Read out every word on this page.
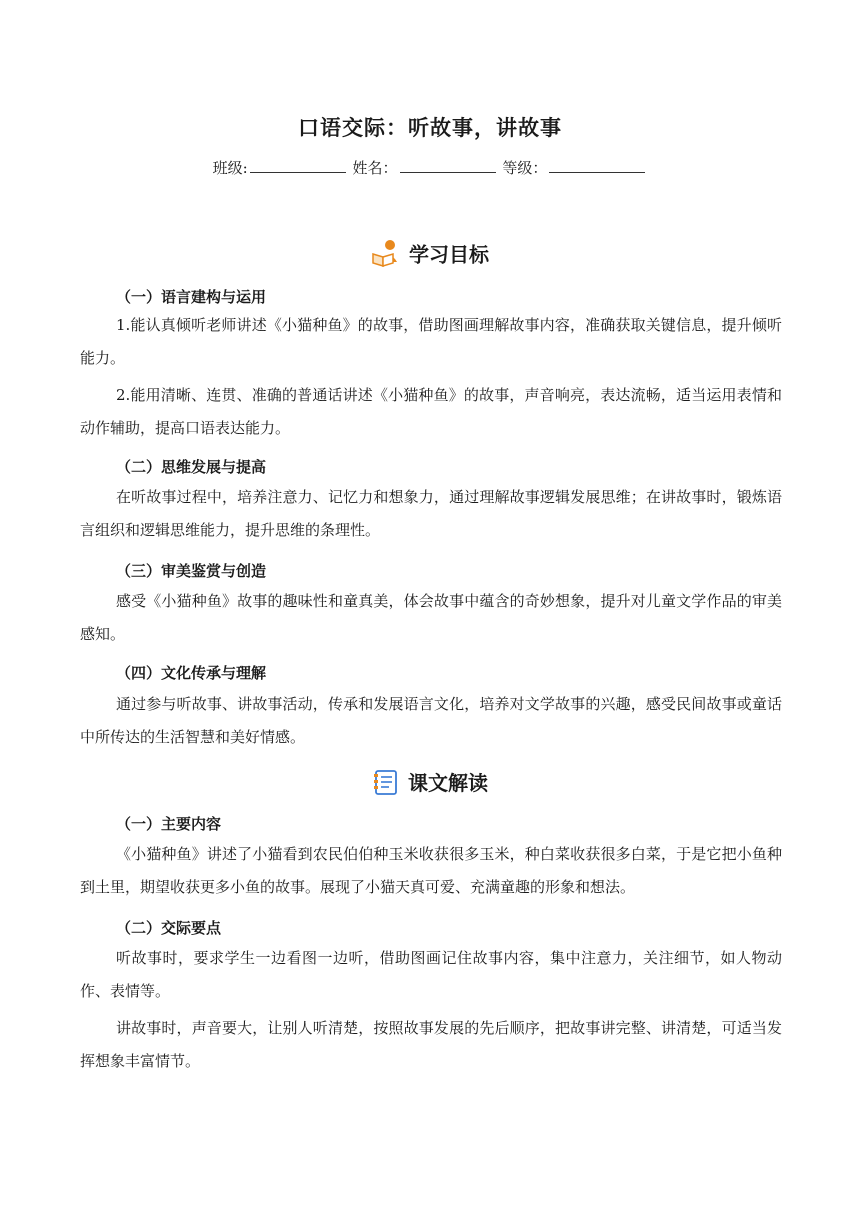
口语交际：听故事，讲故事
班级:	姓名：	等级：
学习目标
（一）语言建构与运用
1.能认真倾听老师讲述《小猫种鱼》的故事，借助图画理解故事内容，准确获取关键信息，提升倾听能力。
2.能用清晰、连贯、准确的普通话讲述《小猫种鱼》的故事，声音响亮，表达流畅，适当运用表情和动作辅助，提高口语表达能力。
（二）思维发展与提高
在听故事过程中，培养注意力、记忆力和想象力，通过理解故事逻辑发展思维；在讲故事时，锻炼语言组织和逻辑思维能力，提升思维的条理性。
（三）审美鉴赏与创造
感受《小猫种鱼》故事的趣味性和童真美，体会故事中蕴含的奇妙想象，提升对儿童文学作品的审美感知。
（四）文化传承与理解
通过参与听故事、讲故事活动，传承和发展语言文化，培养对文学故事的兴趣，感受民间故事或童话中所传达的生活智慧和美好情感。
课文解读
（一）主要内容
《小猫种鱼》讲述了小猫看到农民伯伯种玉米收获很多玉米，种白菜收获很多白菜，于是它把小鱼种到土里，期望收获更多小鱼的故事。展现了小猫天真可爱、充满童趣的形象和想法。
（二）交际要点
听故事时，要求学生一边看图一边听，借助图画记住故事内容，集中注意力，关注细节，如人物动作、表情等。
讲故事时，声音要大，让别人听清楚，按照故事发展的先后顺序，把故事讲完整、讲清楚，可适当发挥想象丰富情节。
